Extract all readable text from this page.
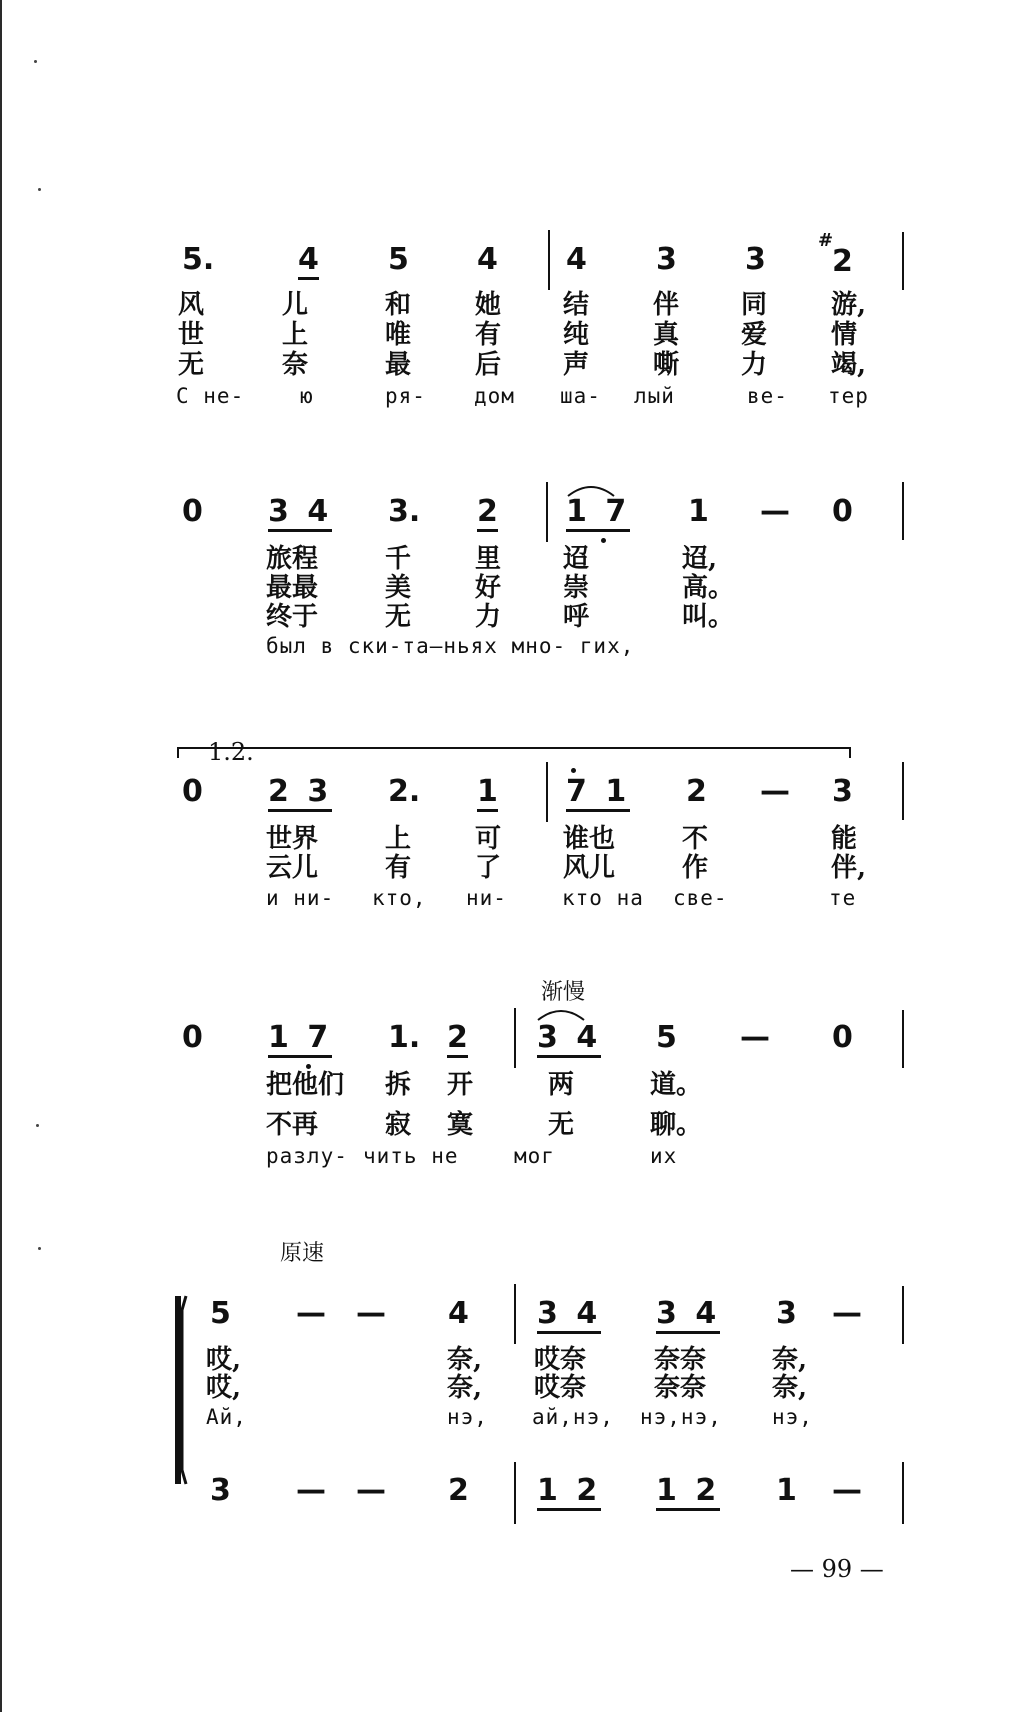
5.	4 5 4 4 3 3
#
2
风	儿	和 她 结 伴 同 游,
世	上	唯 有 纯 真 爱 情
无	奈	最 后 声 嘶 力 竭,
С не-	ю	ря- дом ша- лый	ве- тер
0 3 4 3. 2 1 7 1 — 0
旅程	千 里 迢	迢,
最最	美 好 崇	高。
终于	无 力 呼	叫。
был в ски-та—ньях мно- гих,
1.2.
0 2 3 2. 1 7 1 2 — 3
世界	上 可 谁也	不	能
云儿	有 了 风儿	作	伴,
и ни- кто, ни-	кто на све-	те
渐慢
0 1 7 1. 2 3 4 5 — 0
把他们 拆 开	两	道。
不再	寂 寞	无	聊。
разлу- чить не	мог	их
原速
5 — — 4 3 4 3 4 3 —
哎,	奈, 哎奈	奈奈	奈,
哎,	奈, 哎奈	奈奈	奈,
Ай,	нэ, ай,нэ, нэ,нэ, нэ,
3 — — 2 1 2 1 2 1 —
— 99 —
